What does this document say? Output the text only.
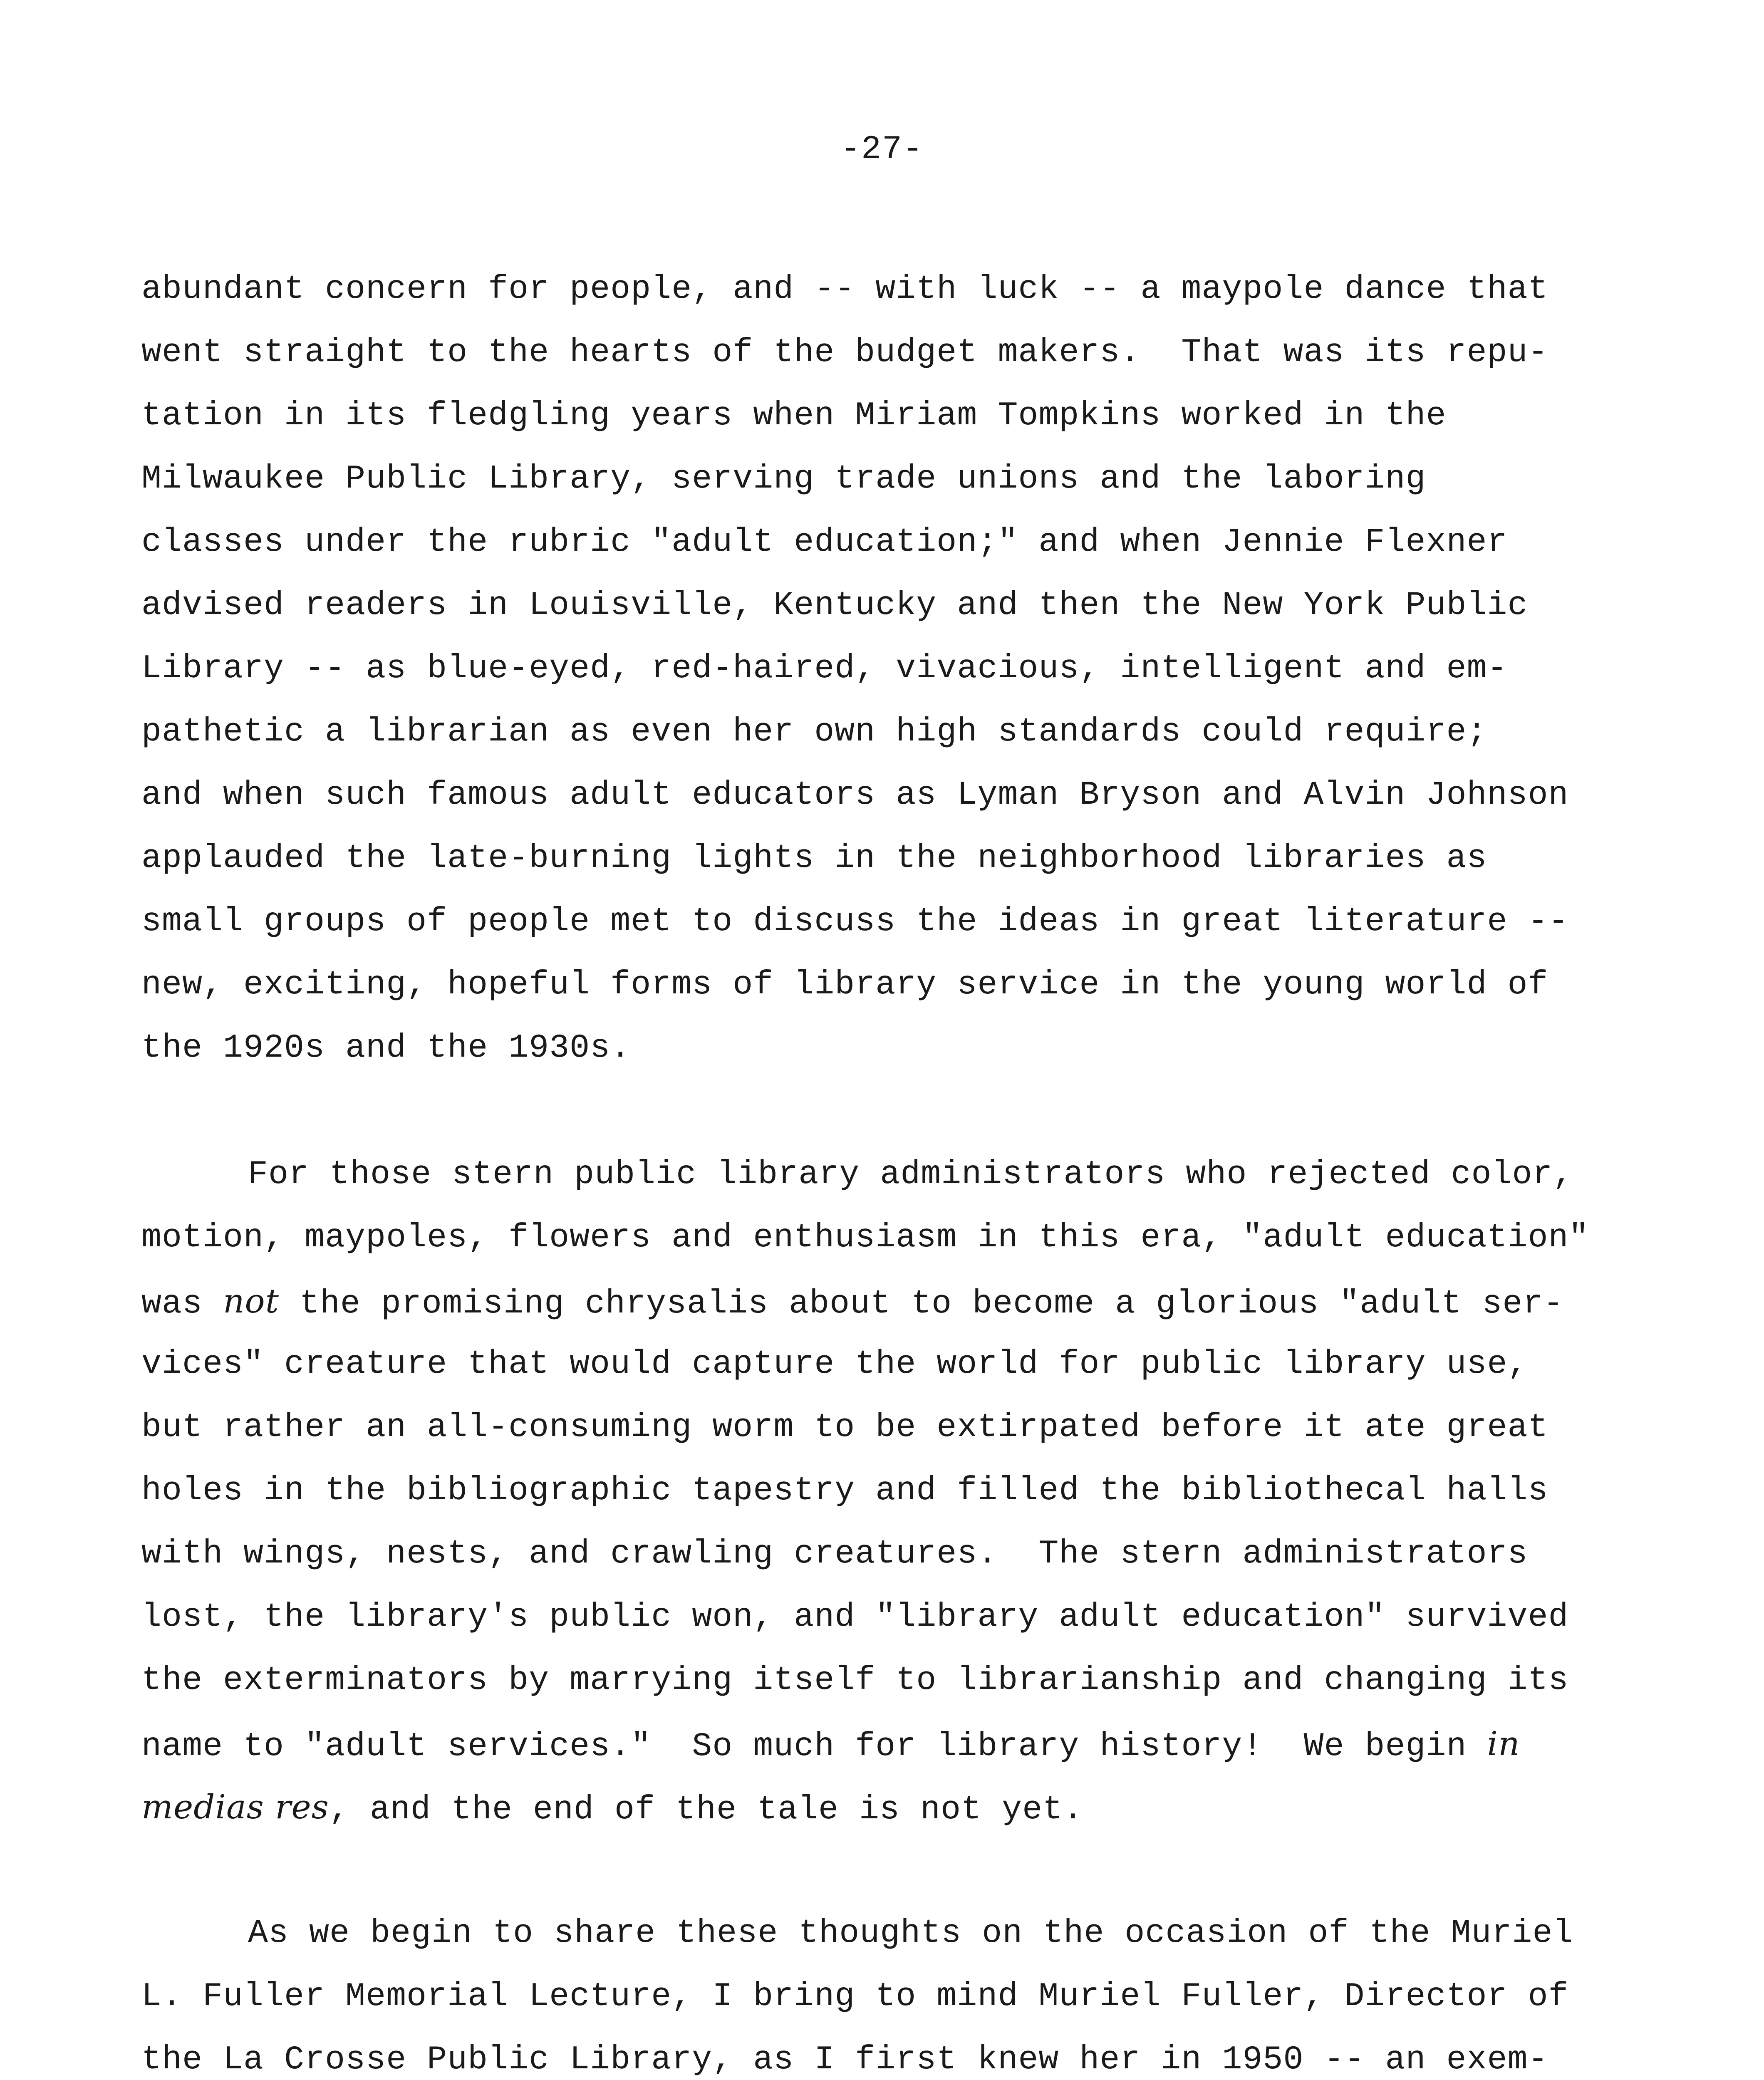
-27-

abundant concern for people, and -- with luck -- a maypole dance that
went straight to the hearts of the budget makers.  That was its repu-
tation in its fledgling years when Miriam Tompkins worked in the
Milwaukee Public Library, serving trade unions and the laboring
classes under the rubric "adult education;" and when Jennie Flexner
advised readers in Louisville, Kentucky and then the New York Public
Library -- as blue-eyed, red-haired, vivacious, intelligent and em-
pathetic a librarian as even her own high standards could require;
and when such famous adult educators as Lyman Bryson and Alvin Johnson
applauded the late-burning lights in the neighborhood libraries as
small groups of people met to discuss the ideas in great literature --
new, exciting, hopeful forms of library service in the young world of
the 1920s and the 1930s.

For those stern public library administrators who rejected color,
motion, maypoles, flowers and enthusiasm in this era, "adult education"
was not the promising chrysalis about to become a glorious "adult ser-
vices" creature that would capture the world for public library use,
but rather an all-consuming worm to be extirpated before it ate great
holes in the bibliographic tapestry and filled the bibliothecal halls
with wings, nests, and crawling creatures.  The stern administrators
lost, the library's public won, and "library adult education" survived
the exterminators by marrying itself to librarianship and changing its
name to "adult services."  So much for library history!  We begin in
medias res, and the end of the tale is not yet.

As we begin to share these thoughts on the occasion of the Muriel
L. Fuller Memorial Lecture, I bring to mind Muriel Fuller, Director of
the La Crosse Public Library, as I first knew her in 1950 -- an exem-
